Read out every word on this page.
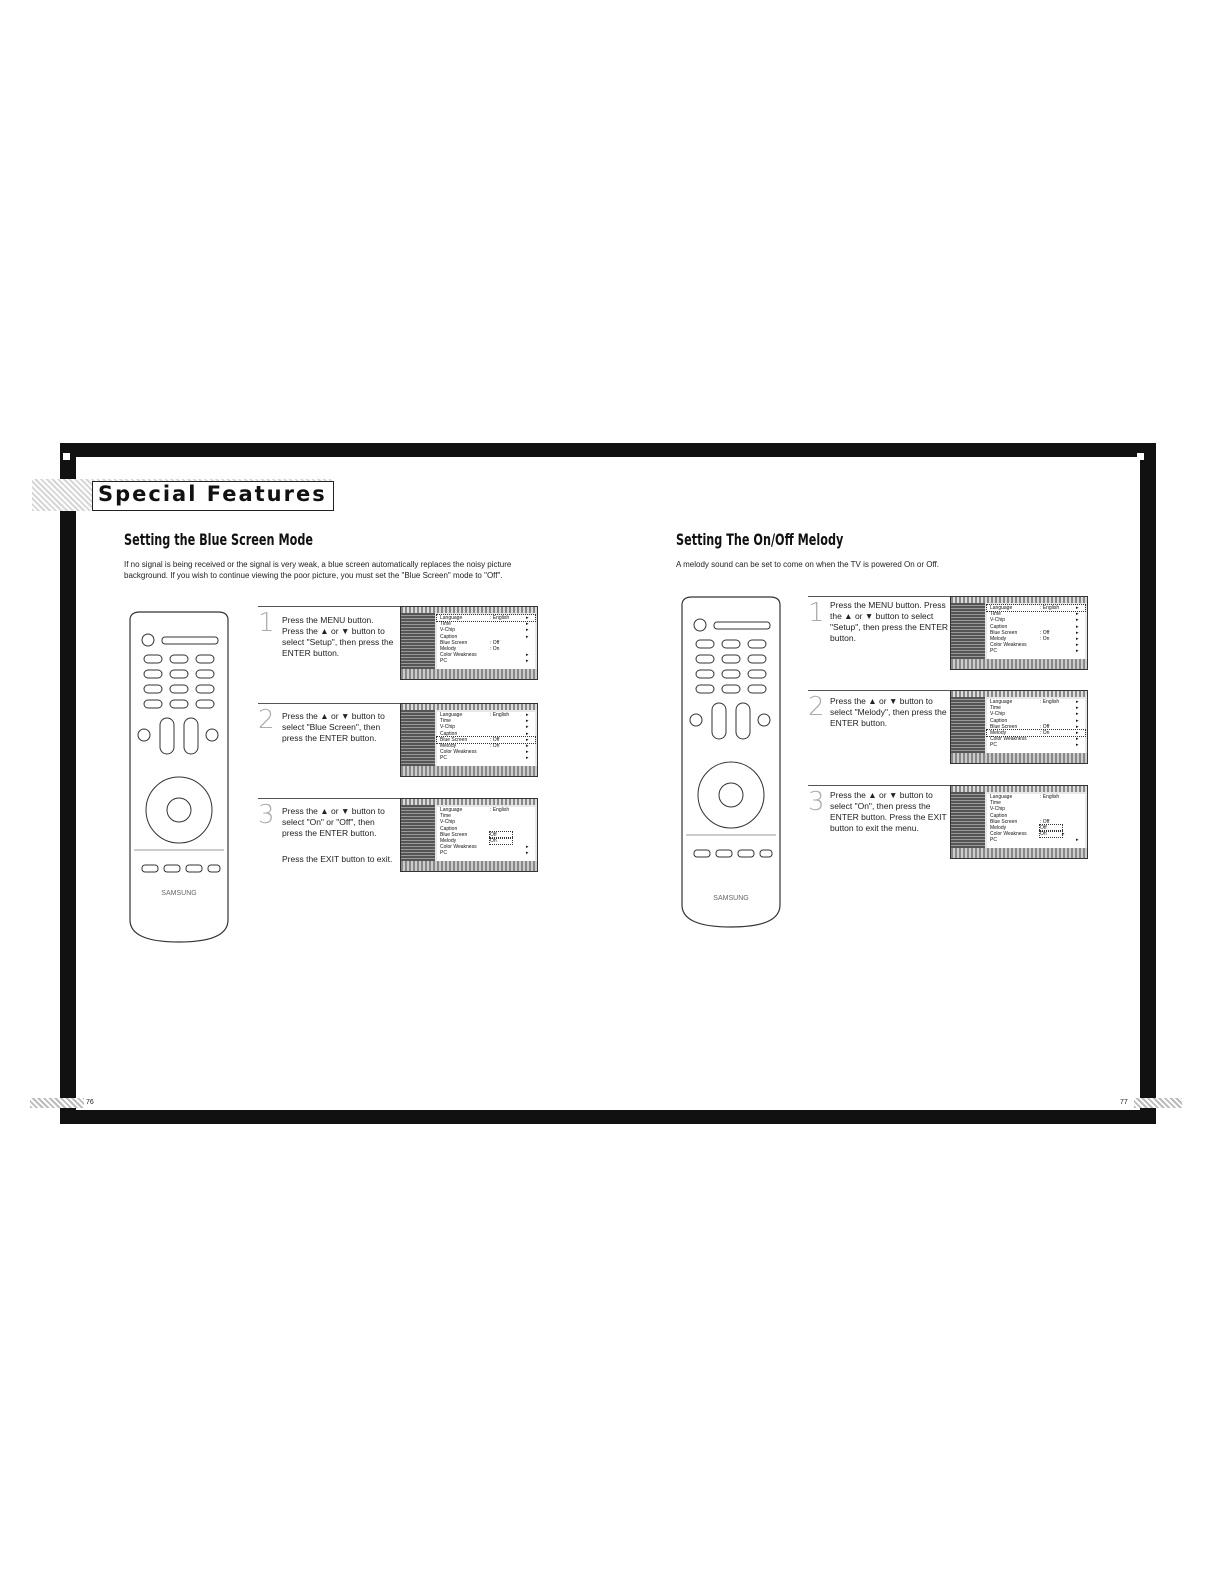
Special Features
Setting the Blue Screen Mode
If no signal is being received or the signal is very weak, a blue screen automatically replaces the noisy picture background. If you wish to continue viewing the poor picture, you must set the "Blue Screen" mode to "Off".
SAMSUNG
1 Press the MENU button. Press the ▲ or ▼ button to select "Setup", then press the ENTER button.
Language	: English	▸
Time	▸
V-Chip	▸
Caption	▸
Blue Screen	: Off
Melody	: On
Color Weakness	▸
PC	▸
2 Press the ▲ or ▼ button to select "Blue Screen", then press the ENTER button.
Language	: English	▸
Time	▸
V-Chip	▸
Caption	▸
Blue Screen	: Off	▸
Melody	: On	▸
Color Weakness	▸
PC	▸
3 Press the ▲ or ▼ button to select "On" or "Off", then press the ENTER button.
Press the EXIT button to exit.
Language	: English
Time
V-Chip
Caption
Blue Screen	Off
Melody	On
Color Weakness	▸
PC	▸
Setting The On/Off Melody
A melody sound can be set to come on when the TV is powered On or Off.
SAMSUNG
1 Press the MENU button. Press the ▲ or ▼ button to select "Setup", then press the ENTER button.
Language	: English	▸
Time	▸
V-Chip	▸
Caption	▸
Blue Screen	: Off	▸
Melody	: On	▸
Color Weakness	▸
PC	▸
2 Press the ▲ or ▼ button to select "Melody", then press the ENTER button.
Language	: English	▸
Time	▸
V-Chip	▸
Caption	▸
Blue Screen	: Off	▸
Melody	: On	▸
Color Weakness	▸
PC	▸
3 Press the ▲ or ▼ button to select "On", then press the ENTER button. Press the EXIT button to exit the menu.
Language	: English
Time
V-Chip
Caption
Blue Screen	: Off
Melody	Off
Color Weakness	On	▸
PC	▸
76	77
